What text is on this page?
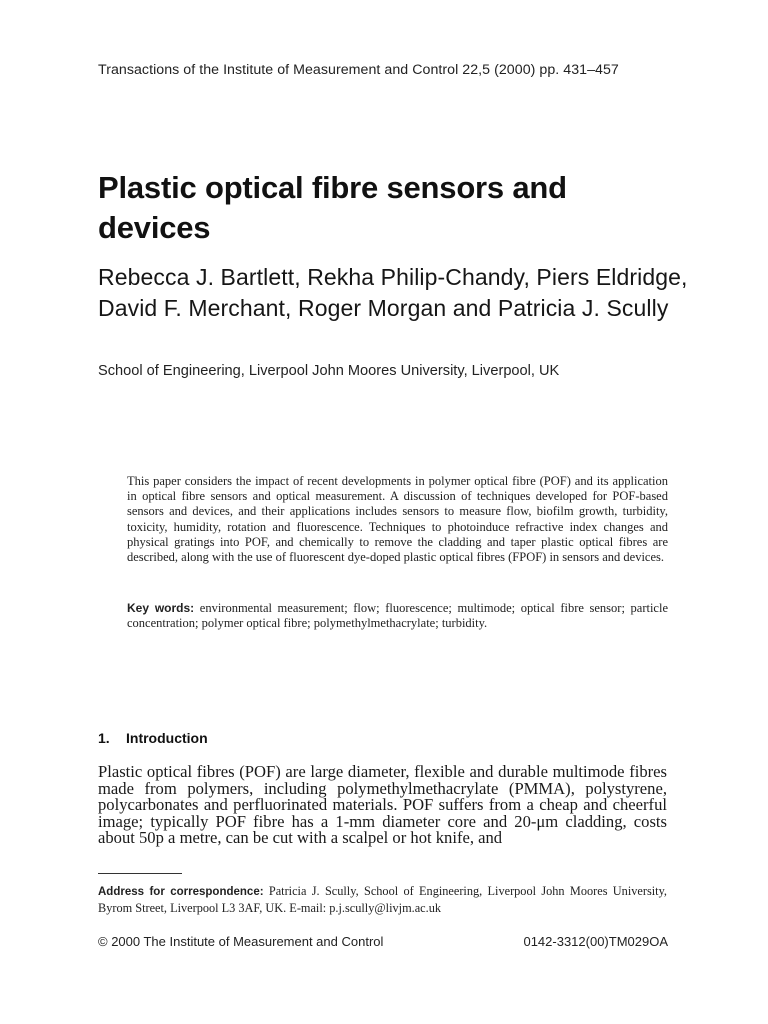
Transactions of the Institute of Measurement and Control 22,5 (2000) pp. 431–457
Plastic optical fibre sensors and devices
Rebecca J. Bartlett, Rekha Philip-Chandy, Piers Eldridge, David F. Merchant, Roger Morgan and Patricia J. Scully
School of Engineering, Liverpool John Moores University, Liverpool, UK

This paper considers the impact of recent developments in polymer optical fibre (POF) and its application in optical fibre sensors and optical measurement. A discussion of techniques developed for POF-based sensors and devices, and their applications includes sensors to measure flow, biofilm growth, turbidity, toxicity, humidity, rotation and fluorescence. Techniques to photoinduce refractive index changes and physical gratings into POF, and chemically to remove the cladding and taper plastic optical fibres are described, along with the use of fluorescent dye-doped plastic optical fibres (FPOF) in sensors and devices.

Key words: environmental measurement; flow; fluorescence; multimode; optical fibre sensor; particle concentration; polymer optical fibre; polymethylmethacrylate; turbidity.

1. Introduction

Plastic optical fibres (POF) are large diameter, flexible and durable multimode fibres made from polymers, including polymethylmethacrylate (PMMA), polystyrene, polycarbonates and perfluorinated materials. POF suffers from a cheap and cheerful image; typically POF fibre has a 1-mm diameter core and 20-μm cladding, costs about 50p a metre, can be cut with a scalpel or hot knife, and

Address for correspondence: Patricia J. Scully, School of Engineering, Liverpool John Moores University, Byrom Street, Liverpool L3 3AF, UK. E-mail: p.j.scully@livjm.ac.uk

© 2000 The Institute of Measurement and Control	0142-3312(00)TM029OA
